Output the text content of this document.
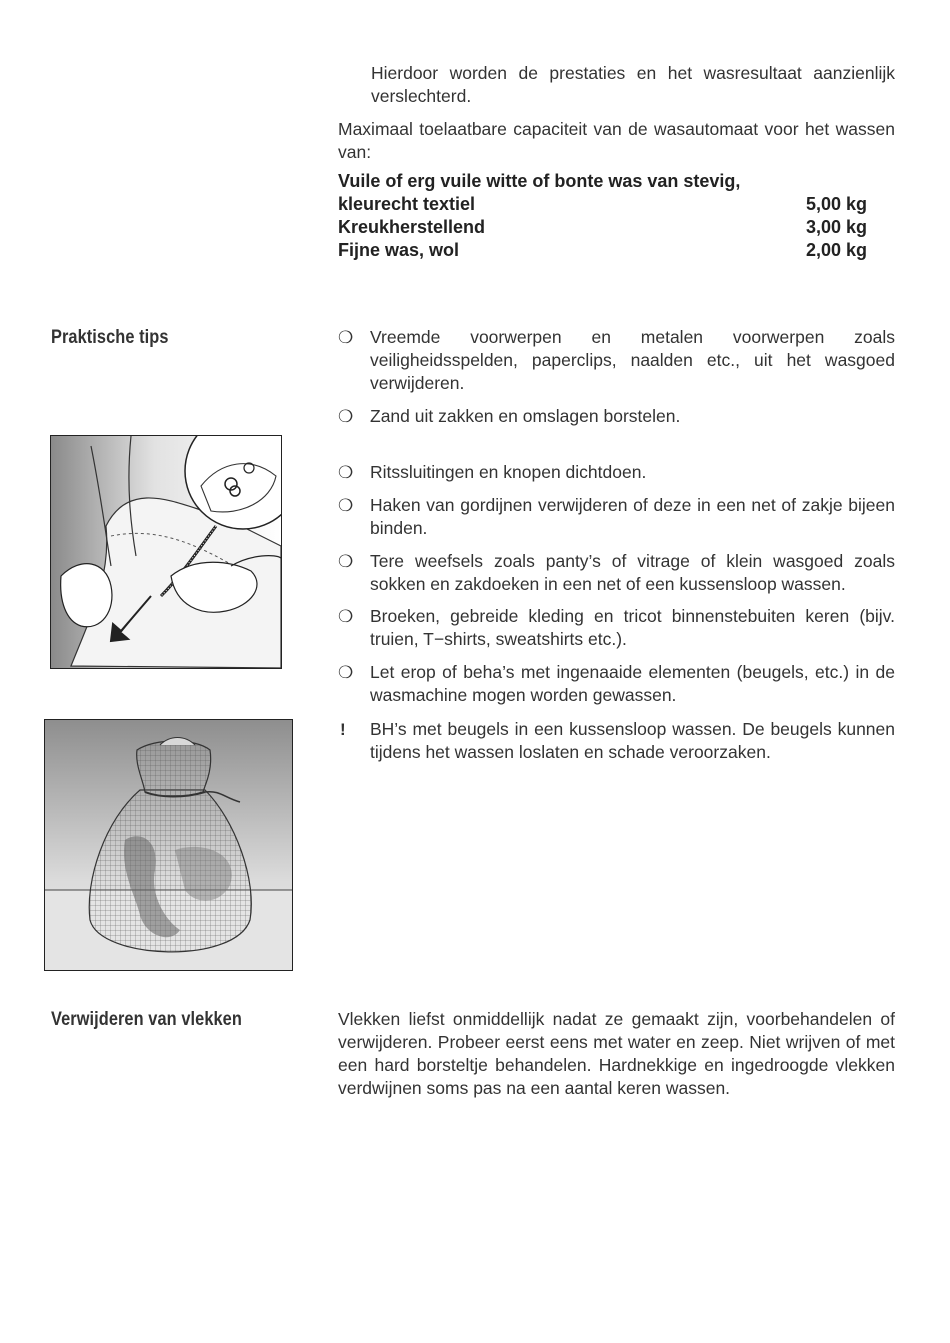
Hierdoor worden de prestaties en het wasresultaat aanzienlijk verslechterd.
Maximaal toelaatbare capaciteit van de wasautomaat voor het wassen van:
Vuile of erg vuile witte of bonte was van stevig,
kleurecht textiel	5,00 kg
Kreukherstellend	3,00 kg
Fijne was, wol	2,00 kg
Praktische tips	❍ Vreemde voorwerpen en metalen voorwerpen zoals veiligheidsspelden, paperclips, naalden etc., uit het wasgoed verwijderen.
❍ Zand uit zakken en omslagen borstelen.
❍ Ritssluitingen en knopen dichtdoen.
❍ Haken van gordijnen verwijderen of deze in een net of zakje bijeen binden.
❍ Tere weefsels zoals panty’s of vitrage of klein wasgoed zoals sokken en zakdoeken in een net of een kussensloop wassen.
❍ Broeken, gebreide kleding en tricot binnenstebuiten keren (bijv. truien, T−shirts, sweatshirts etc.).
❍ Let erop of beha’s met ingenaaide elementen (beugels, etc.) in de wasmachine mogen worden gewassen.
!	BH’s met beugels in een kussensloop wassen. De beugels kunnen tijdens het wassen loslaten en schade veroorzaken.
Verwijderen van vlekken	Vlekken liefst onmiddellijk nadat ze gemaakt zijn, voorbehandelen of verwijderen. Probeer eerst eens met water en zeep. Niet wrijven of met een hard borsteltje behandelen. Hardnekkige en ingedroogde vlekken verdwijnen soms pas na een aantal keren wassen.
